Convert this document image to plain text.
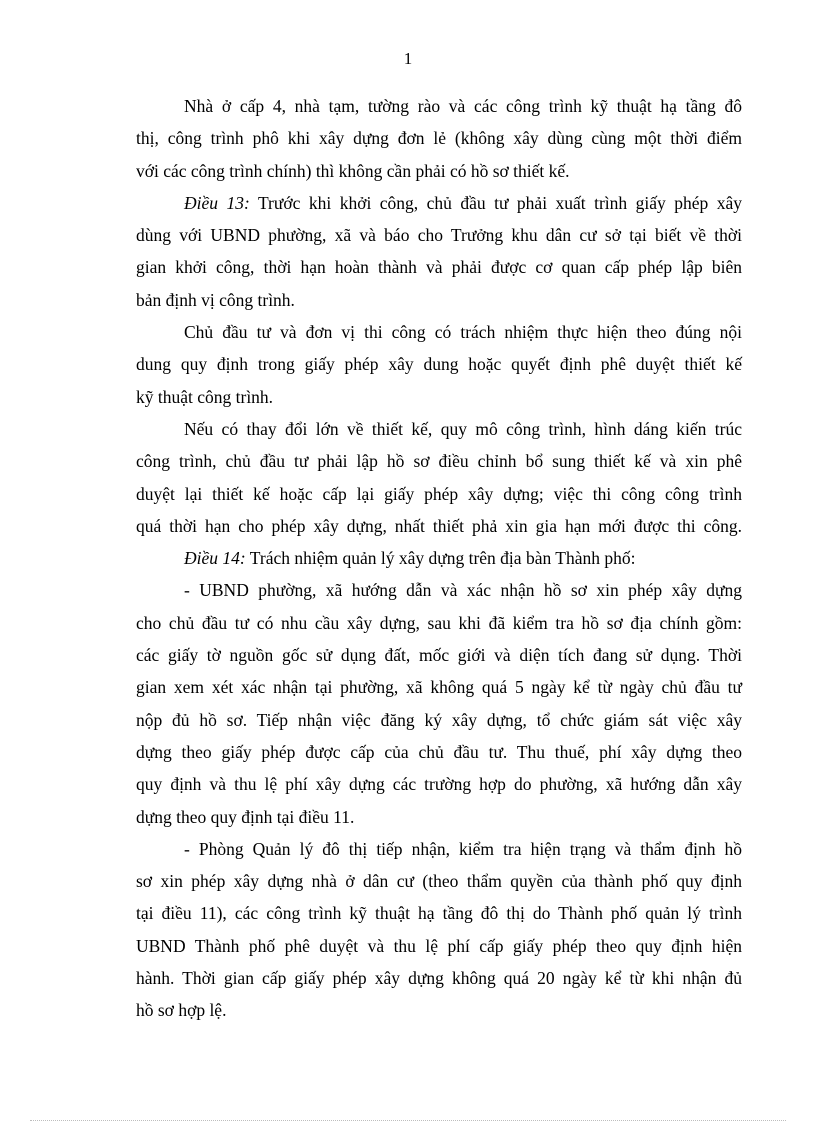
1
Nhà ở cấp 4, nhà tạm, tường rào và các công trình kỹ thuật hạ tầng đô
thị, công trình phô khi xây dựng đơn lẻ (không xây dùng cùng một thời điểm
với các công trình chính) thì không cần phải có hồ sơ thiết kế.
Điều 13: Trước khi khởi công, chủ đầu tư phải xuất trình giấy phép xây
dùng với UBND phường, xã và báo cho Trưởng khu dân cư sở tại biết về thời
gian khởi công, thời hạn hoàn thành và phải được cơ quan cấp phép lập biên
bản định vị công trình.
Chủ đầu tư và đơn vị thi công có trách nhiệm thực hiện theo đúng nội
dung quy định trong giấy phép xây dung hoặc quyết định phê duyệt thiết kế
kỹ thuật công trình.
Nếu có thay đổi lớn về thiết kế, quy mô công trình, hình dáng kiến trúc
công trình, chủ đầu tư phải lập hồ sơ điều chỉnh bổ sung thiết kế và xin phê
duyệt lại thiết kế hoặc cấp lại giấy phép xây dựng; việc thi công công trình
quá thời hạn cho phép xây dựng, nhất thiết phả xin gia hạn mới được thi công.
Điều 14: Trách nhiệm quản lý xây dựng trên địa bàn Thành phố:
- UBND phường, xã hướng dẫn và xác nhận hồ sơ xin phép xây dựng
cho chủ đầu tư có nhu cầu xây dựng, sau khi đã kiểm tra hồ sơ địa chính gồm:
các giấy tờ nguồn gốc sử dụng đất, mốc giới và diện tích đang sử dụng. Thời
gian xem xét xác nhận tại phường, xã không quá 5 ngày kể từ ngày chủ đầu tư
nộp đủ hồ sơ. Tiếp nhận việc đăng ký xây dựng, tổ chức giám sát việc xây
dựng theo giấy phép được cấp của chủ đầu tư. Thu thuế, phí xây dựng theo
quy định và thu lệ phí xây dựng các trường hợp do phường, xã hướng dẫn xây
dựng theo quy định tại điều 11.
- Phòng Quản lý đô thị tiếp nhận, kiểm tra hiện trạng và thẩm định hồ
sơ xin phép xây dựng nhà ở dân cư (theo thẩm quyền của thành phố quy định
tại điều 11), các công trình kỹ thuật hạ tầng đô thị do Thành phố quản lý trình
UBND Thành phố phê duyệt và thu lệ phí cấp giấy phép theo quy định hiện
hành. Thời gian cấp giấy phép xây dựng không quá 20 ngày kể từ khi nhận đủ
hồ sơ hợp lệ.
